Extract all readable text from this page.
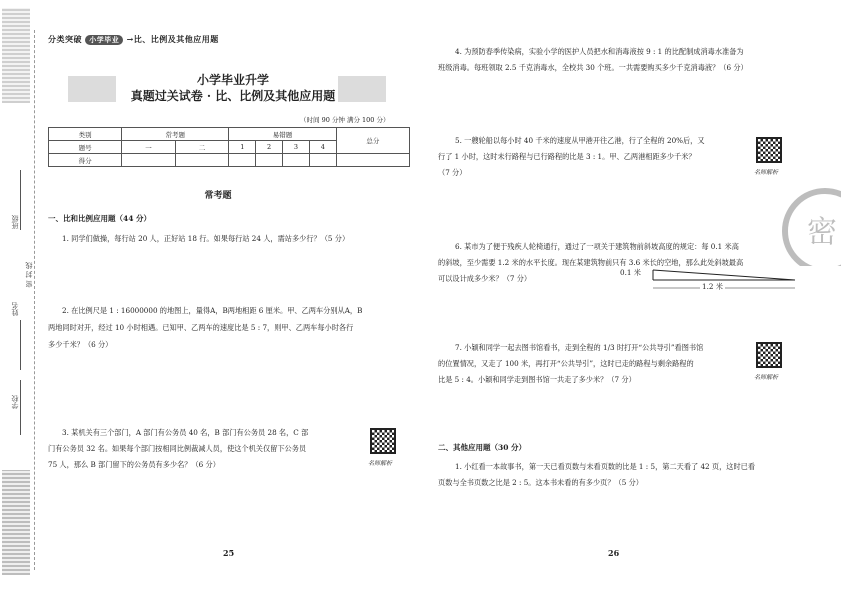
班级
密 封 线
姓名
学校
分类突破 小学毕业 →比、比例及其他应用题
小学毕业升学
真题过关试卷 · 比、比例及其他应用题
（时间 90 分钟 满分 100 分）
类别	常考题		易错题				总分
题号	一	二	1	2	3	4	
得分							
常考题
一、比和比例应用题（44 分）
1. 同学们做操，每行站 20 人，正好站 18 行。如果每行站 24 人，需站多少行？（5 分）
2. 在比例尺是 1 : 16000000 的地图上，量得A，B两地相距 6 厘米。甲、乙两车分别从A，B
两地同时对开，经过 10 小时相遇。已知甲、乙两车的速度比是 5 : 7，则甲、乙两车每小时各行
多少千米？（6 分）
3. 某机关有三个部门，A 部门有公务员 40 名，B 部门有公务员 28 名，C 部
门有公务员 32 名。如果每个部门按相同比例裁减人员，使这个机关仅留下公务员
75 人，那么 B 部门留下的公务员有多少名？（6 分）	名师解析
25
4. 为预防春季传染病，实验小学的医护人员把水和消毒液按 9 : 1 的比配制成消毒水准备为
班级消毒。每班领取 2.5 千克消毒水，全校共 30 个班。一共需要购买多少千克消毒液？（6 分）
5. 一艘轮船以每小时 40 千米的速度从甲港开往乙港，行了全程的 20%后，又
行了 1 小时，这时未行路程与已行路程的比是 3 : 1。甲、乙两港相距多少千米？
（7 分）	名师解析
密
6. 某市为了便于残疾人轮椅通行，通过了一项关于建筑物前斜坡高度的规定：每 0.1 米高
的斜坡，至少需要 1.2 米的水平长度。现在某建筑物前只有 3.6 米长的空地，那么此处斜坡最高
可以设计成多少米？（7 分）
0.1 米
1.2 米
7. 小颖和同学一起去图书馆看书，走到全程的 1/3 时打开“公共导引”看图书馆
的位置情况，又走了 100 米，再打开“公共导引”，这时已走的路程与剩余路程的
比是 5 : 4。小颖和同学走到图书馆一共走了多少米？（7 分）	名师解析
二、其他应用题（30 分）
1. 小红看一本故事书，第一天已看页数与未看页数的比是 1 : 5，第二天看了 42 页，这时已看
页数与全书页数之比是 2 : 5。这本书未看的有多少页？（5 分）
26
